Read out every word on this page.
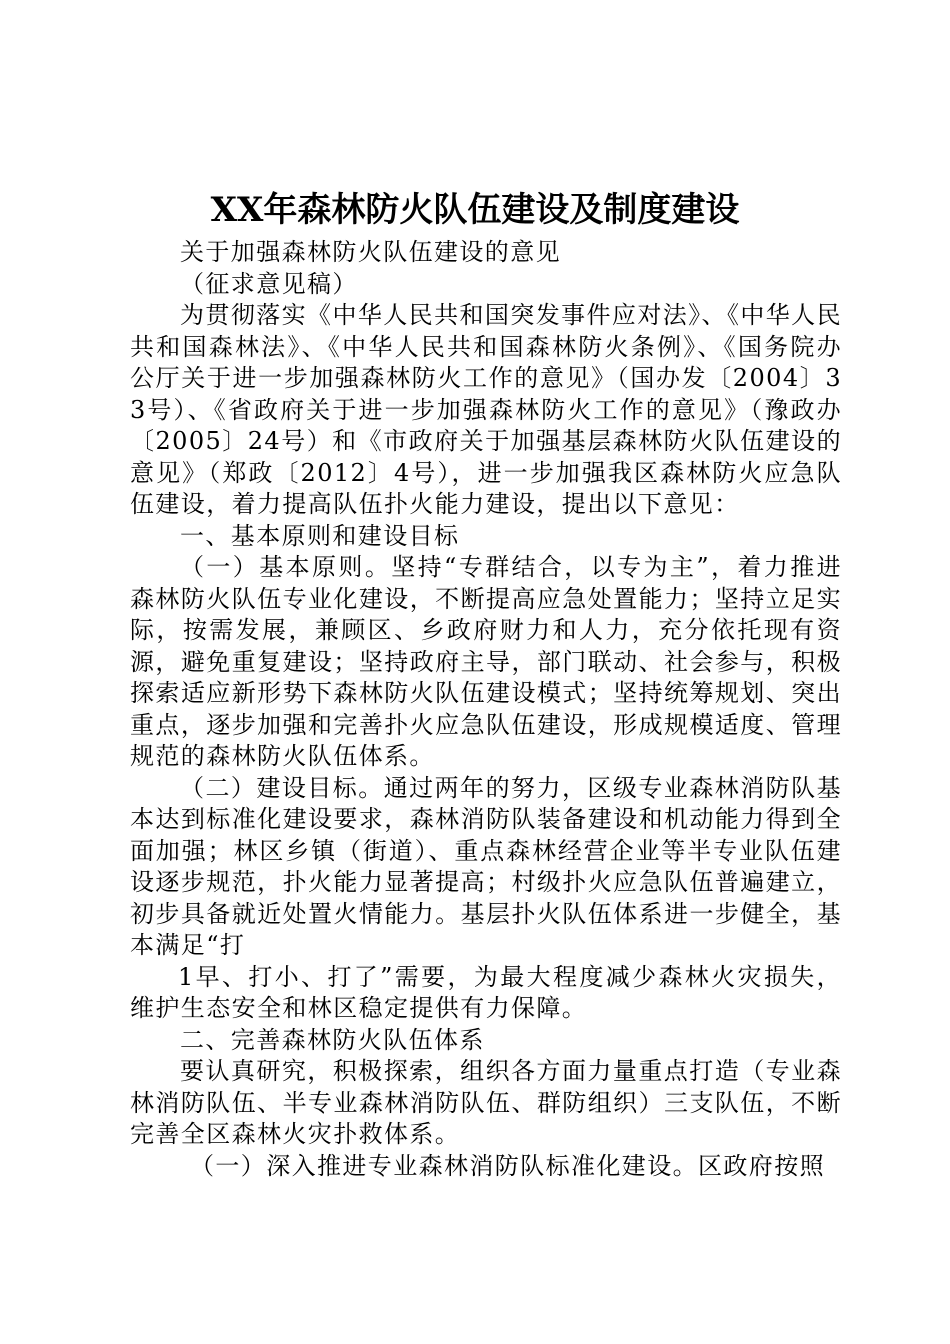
XX年森林防火队伍建设及制度建设

关于加强森林防火队伍建设的意见

（征求意见稿）

为贯彻落实《中华人民共和国突发事件应对法》、《中华人民共和国森林法》、《中华人民共和国森林防火条例》、《国务院办公厅关于进一步加强森林防火工作的意见》（国办发〔2004〕33号）、《省政府关于进一步加强森林防火工作的意见》（豫政办〔2005〕24号）和《市政府关于加强基层森林防火队伍建设的意见》（郑政〔2012〕4号），进一步加强我区森林防火应急队伍建设，着力提高队伍扑火能力建设，提出以下意见：

一、基本原则和建设目标

（一）基本原则。坚持“专群结合，以专为主”，着力推进森林防火队伍专业化建设，不断提高应急处置能力；坚持立足实际，按需发展，兼顾区、乡政府财力和人力，充分依托现有资源，避免重复建设；坚持政府主导，部门联动、社会参与，积极探索适应新形势下森林防火队伍建设模式；坚持统筹规划、突出重点，逐步加强和完善扑火应急队伍建设，形成规模适度、管理规范的森林防火队伍体系。

（二）建设目标。通过两年的努力，区级专业森林消防队基本达到标准化建设要求，森林消防队装备建设和机动能力得到全面加强；林区乡镇（街道）、重点森林经营企业等半专业队伍建设逐步规范，扑火能力显著提高；村级扑火应急队伍普遍建立，初步具备就近处置火情能力。基层扑火队伍体系进一步健全，基本满足“打

1早、打小、打了”需要，为最大程度减少森林火灾损失，维护生态安全和林区稳定提供有力保障。

二、完善森林防火队伍体系

要认真研究，积极探索，组织各方面力量重点打造（专业森林消防队伍、半专业森林消防队伍、群防组织）三支队伍，不断完善全区森林火灾扑救体系。

（一）深入推进专业森林消防队标准化建设。区政府按照
